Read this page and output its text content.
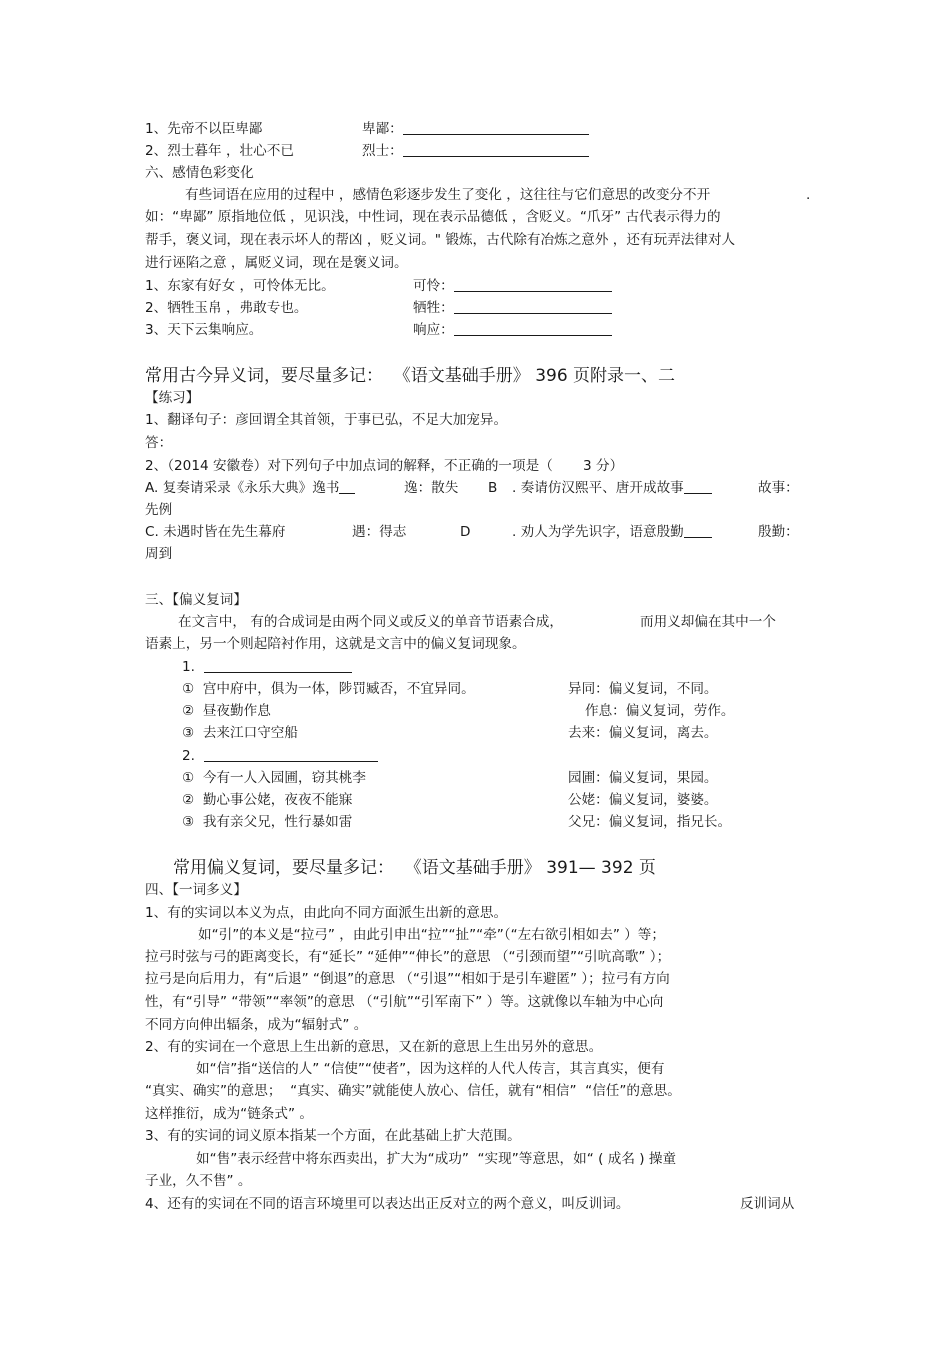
1、先帝不以臣卑鄙	卑鄙：
2、烈士暮年 ，壮心不已	烈士：
六、感情色彩变化
有些词语在应用的过程中 ，感情色彩逐步发生了变化 ，这往往与它们意思的改变分不开	.
如：“卑鄙” 原指地位低 ，见识浅，中性词，现在表示品德低 ，含贬义。“爪牙” 古代表示得力的
帮手，褒义词，现在表示坏人的帮凶 ，贬义词。" 锻炼，古代除有冶炼之意外 ，还有玩弄法律对人
进行诬陷之意 ，属贬义词，现在是褒义词。
1、东家有好女 ，可怜体无比。	可怜：
2、牺牲玉帛 ，弗敢专也。	牺牲：
3、天下云集响应。	响应：
常用古今异义词，要尽量多记：  《语文基础手册》 396 页附录一、二
【练习】
1、翻译句子：彦回谓全其首领，于事已弘，不足大加宠异。
答：
2、（2014 安徽卷）对下列句子中加点词的解释，不正确的一项是（       3 分）
A. 复奏请采录《永乐大典》逸书	逸：散失 B . 奏请仿汉熙平、唐开成故事	故事：
先例
C. 未遇时皆在先生幕府	遇：得志	D	. 劝人为学先识字，语意殷勤	殷勤：
周到
三、【偏义复词】
在文言中， 有的合成词是由两个同义或反义的单音节语素合成，	而用义却偏在其中一个
语素上，另一个则起陪衬作用，这就是文言中的偏义复词现象。
1.
①  宫中府中，俱为一体，陟罚臧否，不宜异同。	异同：偏义复词，不同。
②  昼夜勤作息	作息：偏义复词，劳作。
③  去来江口守空船	去来：偏义复词，离去。
2.
①  今有一人入园圃，窃其桃李	园圃：偏义复词，果园。
②  勤心事公姥，夜夜不能寐	公姥：偏义复词，婆婆。
③  我有亲父兄，性行暴如雷	父兄：偏义复词，指兄长。
常用偏义复词，要尽量多记：  《语文基础手册》 391— 392 页
四、【一词多义】
1、有的实词以本义为点，由此向不同方面派生出新的意思。
如“引”的本义是“拉弓” ，由此引申出“拉”“扯”“牵”（“左右欲引相如去” ）等；
拉弓时弦与弓的距离变长，有“延长” “延伸”“伸长”的意思 （“引颈而望”“引吭高歌” ）；
拉弓是向后用力，有“后退” “倒退”的意思 （“引退”“相如于是引车避匿” ）；拉弓有方向
性，有“引导” “带领”“率领”的意思 （“引航”“引军南下” ）等。这就像以车轴为中心向
不同方向伸出辐条，成为“辐射式” 。
2、有的实词在一个意思上生出新的意思，又在新的意思上生出另外的意思。
如“信”指“送信的人” “信使”“使者”，因为这样的人代人传言，其言真实，便有
“真实、确实”的意思；  “真实、确实”就能使人放心、信任，就有“相信”  “信任”的意思。
这样推衍，成为“链条式” 。
3、有的实词的词义原本指某一个方面，在此基础上扩大范围。
如“售”表示经营中将东西卖出，扩大为“成功”  “实现”等意思，如“ ( 成名 ) 操童
子业，久不售” 。
4、还有的实词在不同的语言环境里可以表达出正反对立的两个意义，叫反训词。	反训词从
